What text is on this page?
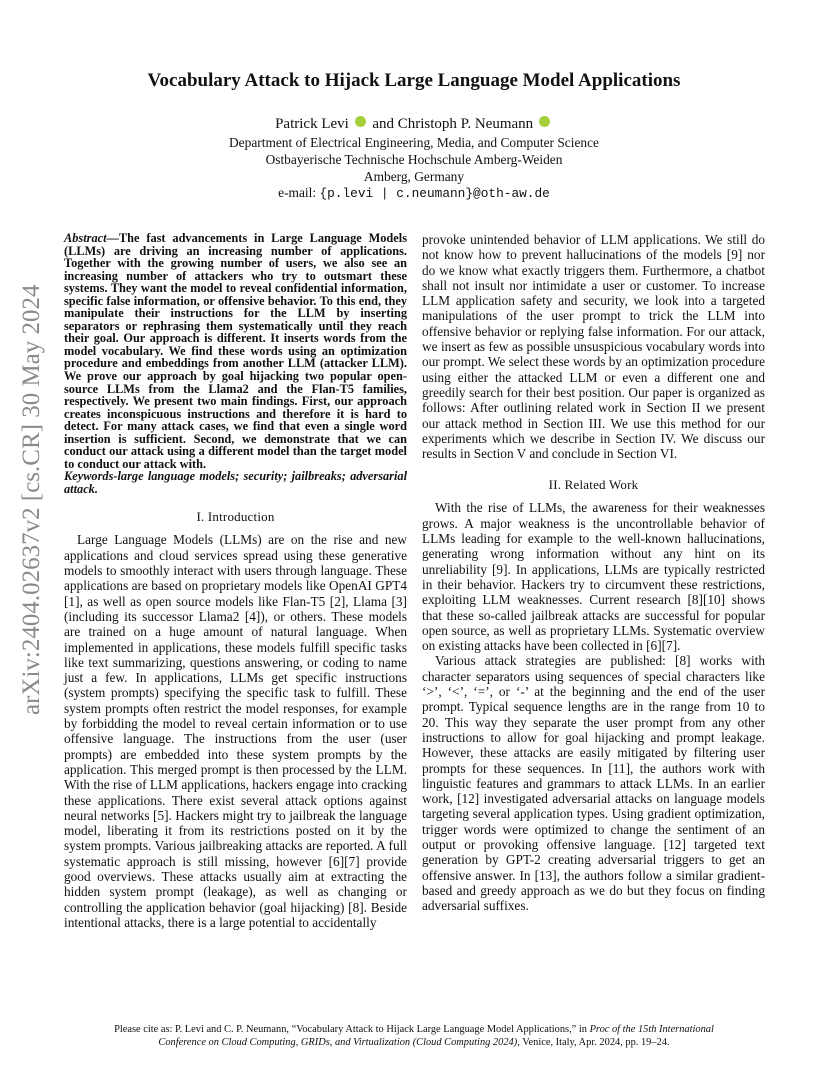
arXiv:2404.02637v2 [cs.CR] 30 May 2024
Vocabulary Attack to Hijack Large Language Model Applications
Patrick Levi and Christoph P. Neumann
Department of Electrical Engineering, Media, and Computer Science
Ostbayerische Technische Hochschule Amberg-Weiden
Amberg, Germany
e-mail: {p.levi | c.neumann}@oth-aw.de

Abstract—The fast advancements in Large Language Models (LLMs) are driving an increasing number of applications. Together with the growing number of users, we also see an increasing number of attackers who try to outsmart these systems. They want the model to reveal confidential information, specific false information, or offensive behavior. To this end, they manipulate their instructions for the LLM by inserting separators or rephrasing them systematically until they reach their goal. Our approach is different. It inserts words from the model vocabulary. We find these words using an optimization procedure and embeddings from another LLM (attacker LLM). We prove our approach by goal hijacking two popular open-source LLMs from the Llama2 and the Flan-T5 families, respectively. We present two main findings. First, our approach creates inconspicuous instructions and therefore it is hard to detect. For many attack cases, we find that even a single word insertion is sufficient. Second, we demonstrate that we can conduct our attack using a different model than the target model to conduct our attack with.

Keywords-large language models; security; jailbreaks; adversarial attack.

I. Introduction

Large Language Models (LLMs) are on the rise and new applications and cloud services spread using these generative models to smoothly interact with users through language. These applications are based on proprietary models like OpenAI GPT4 [1], as well as open source models like Flan-T5 [2], Llama [3] (including its successor Llama2 [4]), or others. These models are trained on a huge amount of natural language. When implemented in applications, these models fulfill specific tasks like text summarizing, questions answering, or coding to name just a few. In applications, LLMs get specific instructions (system prompts) specifying the specific task to fulfill. These system prompts often restrict the model responses, for example by forbidding the model to reveal certain information or to use offensive language. The instructions from the user (user prompts) are embedded into these system prompts by the application. This merged prompt is then processed by the LLM. With the rise of LLM applications, hackers engage into cracking these applications. There exist several attack options against neural networks [5]. Hackers might try to jailbreak the language model, liberating it from its restrictions posted on it by the system prompts. Various jailbreaking attacks are reported. A full systematic approach is still missing, however [6][7] provide good overviews. These attacks usually aim at extracting the hidden system prompt (leakage), as well as changing or controlling the application behavior (goal hijacking) [8]. Beside intentional attacks, there is a large potential to accidentally

provoke unintended behavior of LLM applications. We still do not know how to prevent hallucinations of the models [9] nor do we know what exactly triggers them. Furthermore, a chatbot shall not insult nor intimidate a user or customer. To increase LLM application safety and security, we look into a targeted manipulations of the user prompt to trick the LLM into offensive behavior or replying false information. For our attack, we insert as few as possible unsuspicious vocabulary words into our prompt. We select these words by an optimization procedure using either the attacked LLM or even a different one and greedily search for their best position. Our paper is organized as follows: After outlining related work in Section II we present our attack method in Section III. We use this method for our experiments which we describe in Section IV. We discuss our results in Section V and conclude in Section VI.

II. Related Work

With the rise of LLMs, the awareness for their weaknesses grows. A major weakness is the uncontrollable behavior of LLMs leading for example to the well-known hallucinations, generating wrong information without any hint on its unreliability [9]. In applications, LLMs are typically restricted in their behavior. Hackers try to circumvent these restrictions, exploiting LLM weaknesses. Current research [8][10] shows that these so-called jailbreak attacks are successful for popular open source, as well as proprietary LLMs. Systematic overview on existing attacks have been collected in [6][7].

Various attack strategies are published: [8] works with character separators using sequences of special characters like ‘>’, ‘<’, ‘=’, or ‘-’ at the beginning and the end of the user prompt. Typical sequence lengths are in the range from 10 to 20. This way they separate the user prompt from any other instructions to allow for goal hijacking and prompt leakage. However, these attacks are easily mitigated by filtering user prompts for these sequences. In [11], the authors work with linguistic features and grammars to attack LLMs. In an earlier work, [12] investigated adversarial attacks on language models targeting several application types. Using gradient optimization, trigger words were optimized to change the sentiment of an output or provoking offensive language. [12] targeted text generation by GPT-2 creating adversarial triggers to get an offensive answer. In [13], the authors follow a similar gradient-based and greedy approach as we do but they focus on finding adversarial suffixes.

Please cite as: P. Levi and C. P. Neumann, “Vocabulary Attack to Hijack Large Language Model Applications,” in Proc of the 15th International Conference on Cloud Computing, GRIDs, and Virtualization (Cloud Computing 2024), Venice, Italy, Apr. 2024, pp. 19–24.
